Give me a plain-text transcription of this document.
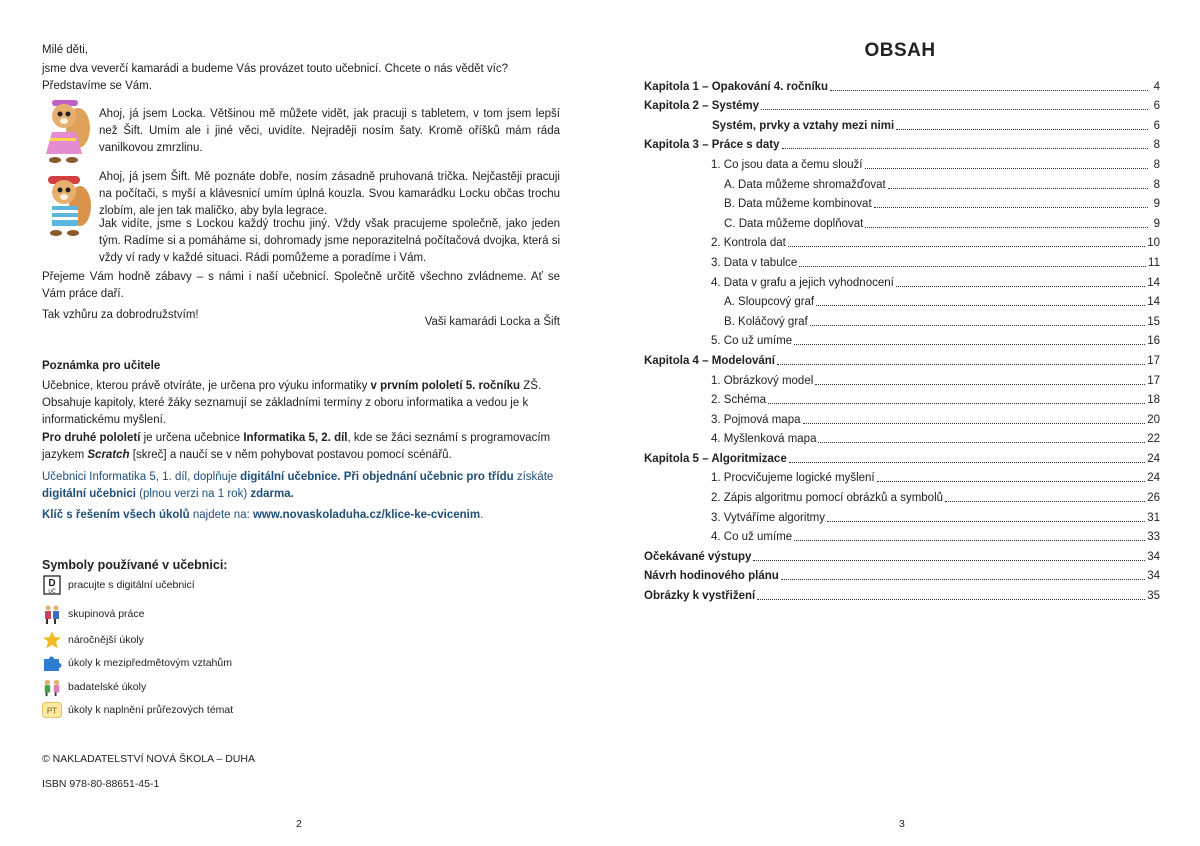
Milé děti,

jsme dva veverčí kamarádi a budeme Vás provázet touto učebnicí. Chcete o nás vědět víc? Představíme se Vám.

Ahoj, já jsem Locka. Většinou mě můžete vidět, jak pracuji s tabletem, v tom jsem lepší než Šift. Umím ale i jiné věci, uvidíte. Nejraději nosím šaty. Kromě oříšků mám ráda vanilkovou zmrzlinu.

Ahoj, já jsem Šift. Mě poznáte dobře, nosím zásadně pruhovaná trička. Nejčastěji pracuji na počítači, s myší a klávesnicí umím úplná kouzla. Svou kamarádku Locku občas trochu zlobím, ale jen tak maličko, aby byla legrace.

Jak vidíte, jsme s Lockou každý trochu jiný. Vždy však pracujeme společně, jako jeden tým. Radíme si a pomáháme si, dohromady jsme neporazitelná počítačová dvojka, která si vždy ví rady v každé situaci. Rádi pomůžeme a poradíme i Vám.

Přejeme Vám hodně zábavy – s námi i naší učebnicí. Společně určitě všechno zvládneme. Ať se Vám práce daří.

Tak vzhůru za dobrodružstvím!

Vaši kamarádi Locka a Šift

Poznámka pro učitele

Učebnice, kterou právě otvíráte, je určena pro výuku informatiky v prvním pololetí 5. ročníku ZŠ. Obsahuje kapitoly, které žáky seznamují se základními termíny z oboru informatika a vedou je k informatickému myšlení.

Pro druhé pololetí je určena učebnice Informatika 5, 2. díl, kde se žáci seznámí s programovacím jazykem Scratch [skreč] a naučí se v něm pohybovat postavou pomocí scénářů.

Učebnici Informatika 5, 1. díl, doplňuje digitální učebnice. Při objednání učebnic pro třídu získáte digitální učebnici (plnou verzi na 1 rok) zdarma.

Klíč s řešením všech úkolů najdete na: www.novaskoladuha.cz/klice-ke-cvicenim.

Symboly používané v učebnici:
D
UČ
pracujte s digitální učebnicí
skupinová práce
náročnější úkoly
úkoly k mezipředmětovým vztahům
badatelské úkoly
PT úkoly k naplnění průřezových témat
© NAKLADATELSTVÍ NOVÁ ŠKOLA – DUHA
ISBN 978-80-88651-45-1
2
OBSAH
Kapitola 1 – Opakování 4. ročníku	4
Kapitola 2 – Systémy	6
Systém, prvky a vztahy mezi nimi	6
Kapitola 3 – Práce s daty	8
1. Co jsou data a čemu slouží	8
A. Data můžeme shromažďovat	8
B. Data můžeme kombinovat	9
C. Data můžeme doplňovat	9
2. Kontrola dat	10
3. Data v tabulce	11
4. Data v grafu a jejich vyhodnocení	14
A. Sloupcový graf	14
B. Koláčový graf	15
5. Co už umíme	16
Kapitola 4 – Modelování	17
1. Obrázkový model	17
2. Schéma	18
3. Pojmová mapa	20
4. Myšlenková mapa	22
Kapitola 5 – Algoritmizace	24
1. Procvičujeme logické myšlení	24
2. Zápis algoritmu pomocí obrázků a symbolů	26
3. Vytváříme algoritmy	31
4. Co už umíme	33
Očekávané výstupy	34
Návrh hodinového plánu	34
Obrázky k vystřižení	35
3
